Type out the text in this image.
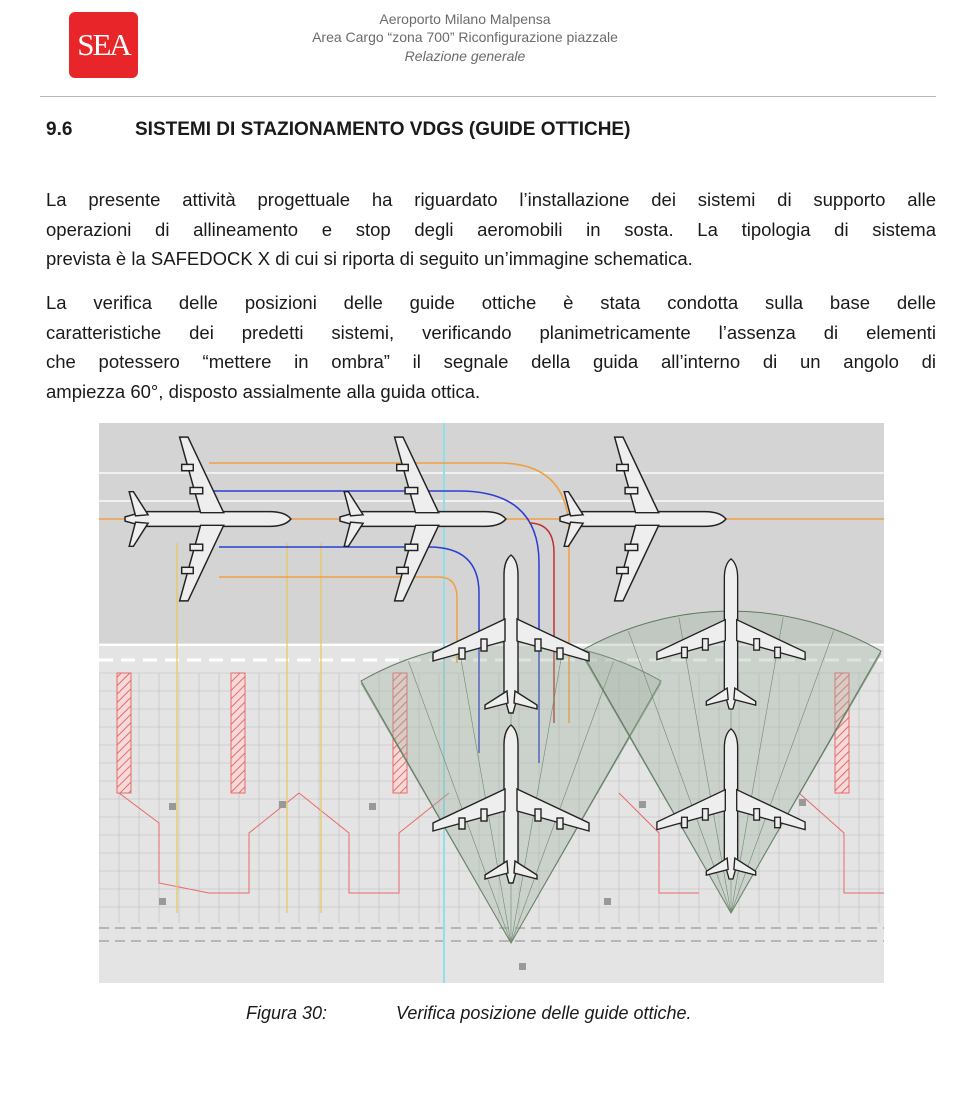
SEA
Aeroporto Milano Malpensa
Area Cargo “zona 700” Riconfigurazione piazzale
Relazione generale
9.6	SISTEMI DI STAZIONAMENTO VDGS (GUIDE OTTICHE)
La presente attività progettuale ha riguardato l’installazione dei sistemi di supporto alle
operazioni di allineamento e stop degli aeromobili in sosta. La tipologia di sistema
prevista è la SAFEDOCK X di cui si riporta di seguito un’immagine schematica.
La verifica delle posizioni delle guide ottiche è stata condotta sulla base delle
caratteristiche dei predetti sistemi, verificando planimetricamente l’assenza di elementi
che potessero “mettere in ombra” il segnale della guida all’interno di un angolo di
ampiezza 60°, disposto assialmente alla guida ottica.
Figura 30:	Verifica posizione delle guide ottiche.
